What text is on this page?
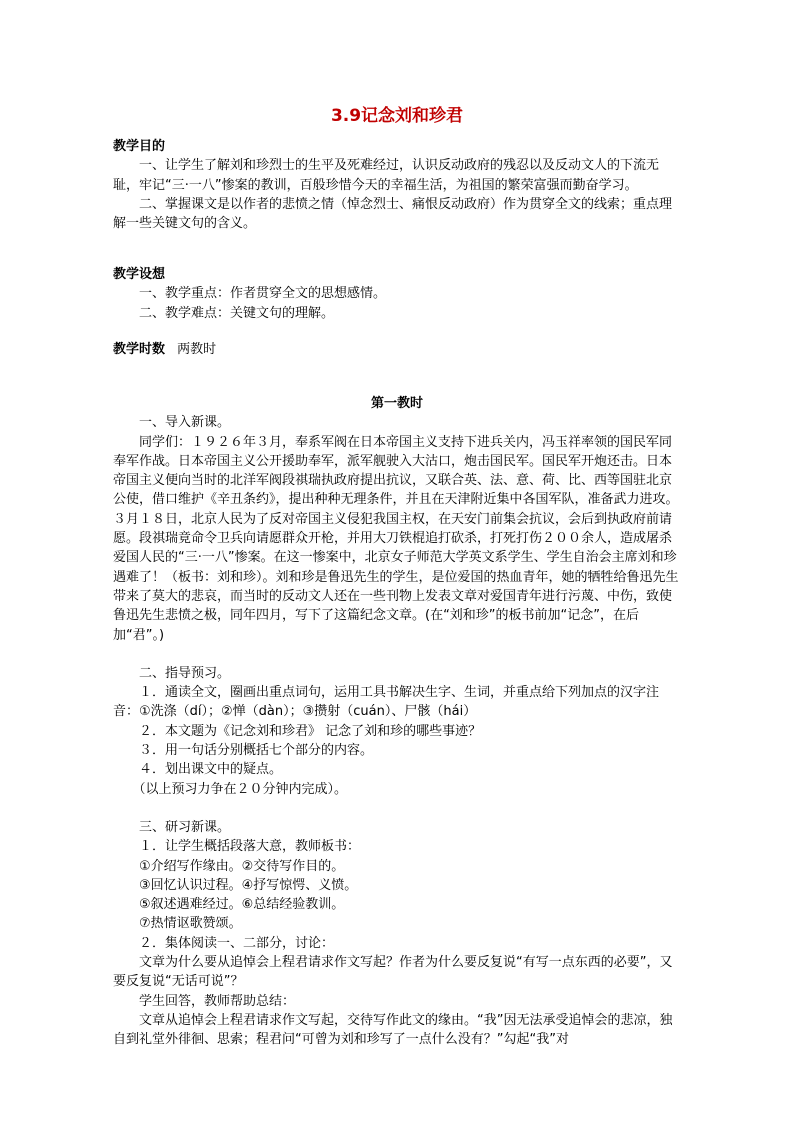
3.9记念刘和珍君
教学目的

一、让学生了解刘和珍烈士的生平及死难经过，认识反动政府的残忍以及反动文人的下流无耻，牢记“三·一八”惨案的教训，百般珍惜今天的幸福生活，为祖国的繁荣富强而勤奋学习。

二、掌握课文是以作者的悲愤之情（悼念烈士、痛恨反动政府）作为贯穿全文的线索；重点理解一些关键文句的含义。

教学设想

一、教学重点：作者贯穿全文的思想感情。

二、教学难点：关键文句的理解。

教学时数 两教时

第一教时

一、导入新课。

同学们：１９２６年３月，奉系军阀在日本帝国主义支持下进兵关内，冯玉祥率领的国民军同奉军作战。日本帝国主义公开援助奉军，派军舰驶入大沽口，炮击国民军。国民军开炮还击。日本帝国主义便向当时的北洋军阀段祺瑞执政府提出抗议，又联合英、法、意、荷、比、西等国驻北京公使，借口维护《辛丑条约》，提出种种无理条件，并且在天津附近集中各国军队，准备武力进攻。３月１８日，北京人民为了反对帝国主义侵犯我国主权，在天安门前集会抗议，会后到执政府前请愿。段祺瑞竟命令卫兵向请愿群众开枪，并用大刀铁棍追打砍杀，打死打伤２００余人，造成屠杀爱国人民的“三·一八”惨案。在这一惨案中，北京女子师范大学英文系学生、学生自治会主席刘和珍遇难了！（板书：刘和珍）。刘和珍是鲁迅先生的学生，是位爱国的热血青年，她的牺牲给鲁迅先生带来了莫大的悲哀，而当时的反动文人还在一些刊物上发表文章对爱国青年进行污蔑、中伤，致使鲁迅先生悲愤之极，同年四月，写下了这篇纪念文章。(在“刘和珍”的板书前加“记念”，在后加“君”。)

二、指导预习。

１．通读全文，圈画出重点词句，运用工具书解决生字、生词，并重点给下列加点的汉字注音：①洗涤（dí）；②惮（dàn）；③攒射（cuán）、尸骸（hái）

２．本文题为《记念刘和珍君》 记念了刘和珍的哪些事迹？

３．用一句话分别概括七个部分的内容。

４．划出课文中的疑点。

（以上预习力争在２０分钟内完成）。

三、研习新课。

１．让学生概括段落大意，教师板书：

①介绍写作缘由。②交待写作目的。

③回忆认识过程。④抒写惊愕、义愤。

⑤叙述遇难经过。⑥总结经验教训。

⑦热情讴歌赞颂。

２．集体阅读一、二部分，讨论：

文章为什么要从追悼会上程君请求作文写起？作者为什么要反复说“有写一点东西的必要”，又要反复说“无话可说”？

学生回答，教师帮助总结：

文章从追悼会上程君请求作文写起，交待写作此文的缘由。“我”因无法承受追悼会的悲凉，独自到礼堂外徘徊、思索；程君问“可曾为刘和珍写了一点什么没有？”勾起“我”对
